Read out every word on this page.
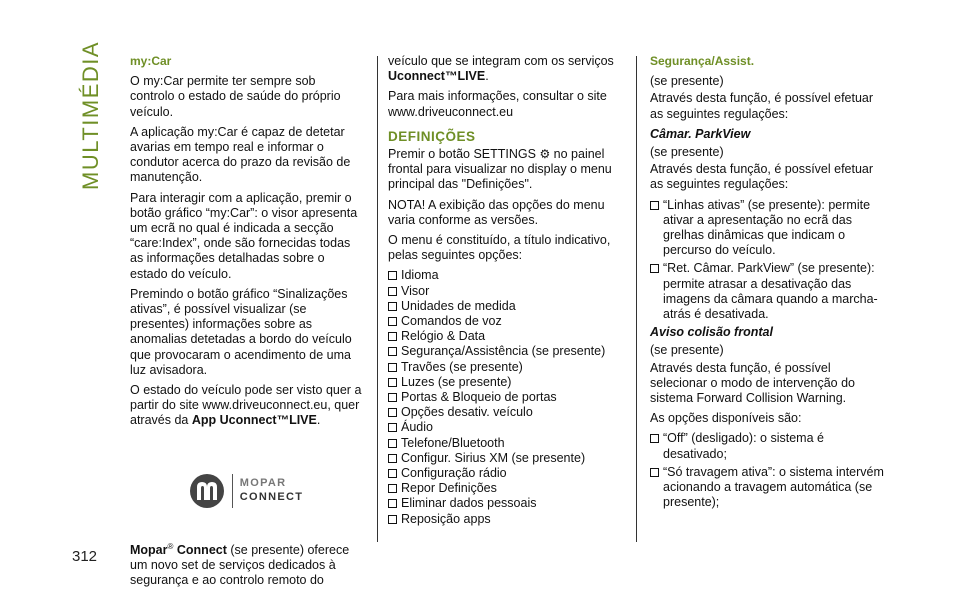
MULTIMÉDIA
312
my:Car

O my:Car permite ter sempre sob controlo o estado de saúde do próprio veículo.

A aplicação my:Car é capaz de detetar avarias em tempo real e informar o condutor acerca do prazo da revisão de manutenção.

Para interagir com a aplicação, premir o botão gráfico “my:Car”: o visor apresenta um ecrã no qual é indicada a secção “care:Index”, onde são fornecidas todas as informações detalhadas sobre o estado do veículo.

Premindo o botão gráfico “Sinalizações ativas”, é possível visualizar (se presentes) informações sobre as anomalias detetadas a bordo do veículo que provocaram o acendimento de uma luz avisadora.

O estado do veículo pode ser visto quer a partir do site www.driveuconnect.eu, quer através da App Uconnect™LIVE.

MOPAR
CONNECT

Mopar® Connect (se presente) oferece um novo set de serviços dedicados à segurança e ao controlo remoto do

veículo que se integram com os serviços Uconnect™LIVE.

Para mais informações, consultar o site www.driveuconnect.eu

DEFINIÇÕES

Premir o botão SETTINGS ⚙ no painel frontal para visualizar no display o menu principal das "Definições".

NOTA! A exibição das opções do menu varia conforme as versões.

O menu é constituído, a título indicativo, pelas seguintes opções:

Idioma
Visor
Unidades de medida
Comandos de voz
Relógio & Data
Segurança/Assistência (se presente)
Travões (se presente)
Luzes (se presente)
Portas & Bloqueio de portas
Opções desativ. veículo
Áudio
Telefone/Bluetooth
Configur. Sirius XM (se presente)
Configuração rádio
Repor Definições
Eliminar dados pessoais
Reposição apps
Segurança/Assist.

(se presente)

Através desta função, é possível efetuar as seguintes regulações:

Câmar. ParkView

(se presente)

Através desta função, é possível efetuar as seguintes regulações:

“Linhas ativas” (se presente): permite ativar a apresentação no ecrã das grelhas dinâmicas que indicam o percurso do veículo.
“Ret. Câmar. ParkView” (se presente): permite atrasar a desativação das imagens da câmara quando a marcha-atrás é desativada.
Aviso colisão frontal

(se presente)

Através desta função, é possível selecionar o modo de intervenção do sistema Forward Collision Warning.

As opções disponíveis são:

“Off” (desligado): o sistema é desativado;
“Só travagem ativa”: o sistema intervém acionando a travagem automática (se presente);
